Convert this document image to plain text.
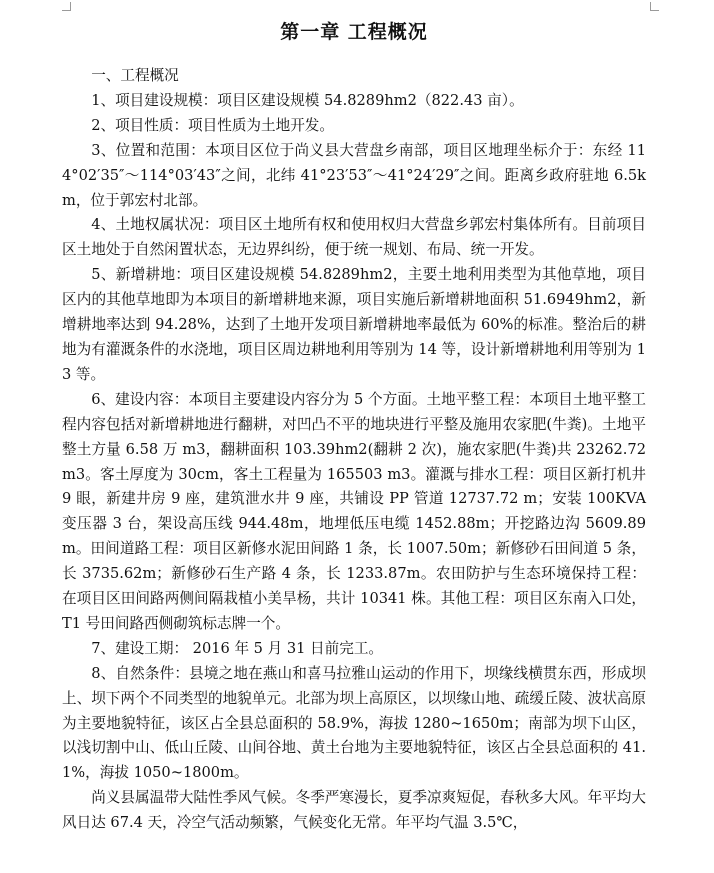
第一章 工程概况

一、工程概况

1、项目建设规模：项目区建设规模 54.8289hm2（822.43 亩）。

2、项目性质：项目性质为土地开发。

3、位置和范围：本项目区位于尚义县大营盘乡南部，项目区地理坐标介于：东经 114°02′35″～114°03′43″之间，北纬 41°23′53″～41°24′29″之间。距离乡政府驻地 6.5km，位于郭宏村北部。

4、土地权属状况：项目区土地所有权和使用权归大营盘乡郭宏村集体所有。目前项目区土地处于自然闲置状态，无边界纠纷，便于统一规划、布局、统一开发。

5、新增耕地：项目区建设规模 54.8289hm2，主要土地利用类型为其他草地，项目区内的其他草地即为本项目的新增耕地来源，项目实施后新增耕地面积 51.6949hm2，新增耕地率达到 94.28%，达到了土地开发项目新增耕地率最低为 60%的标准。整治后的耕地为有灌溉条件的水浇地，项目区周边耕地利用等别为 14 等，设计新增耕地利用等别为 13 等。

6、建设内容：本项目主要建设内容分为 5 个方面。土地平整工程：本项目土地平整工程内容包括对新增耕地进行翻耕，对凹凸不平的地块进行平整及施用农家肥(牛粪)。土地平整土方量 6.58 万 m3，翻耕面积 103.39hm2(翻耕 2 次)，施农家肥(牛粪)共 23262.72 m3。客土厚度为 30cm，客土工程量为 165503 m3。灌溉与排水工程：项目区新打机井 9 眼，新建井房 9 座，建筑泄水井 9 座，共铺设 PP 管道 12737.72 m；安装 100KVA 变压器 3 台，架设高压线 944.48m，地埋低压电缆 1452.88m；开挖路边沟 5609.89m。田间道路工程：项目区新修水泥田间路 1 条，长 1007.50m；新修砂石田间道 5 条，长 3735.62m；新修砂石生产路 4 条，长 1233.87m。农田防护与生态环境保持工程：在项目区田间路两侧间隔栽植小美旱杨，共计 10341 株。其他工程：项目区东南入口处，T1 号田间路西侧砌筑标志牌一个。

7、建设工期： 2016 年 5 月 31 日前完工。

8、自然条件：县境之地在燕山和喜马拉雅山运动的作用下，坝缘线横贯东西，形成坝上、坝下两个不同类型的地貌单元。北部为坝上高原区，以坝缘山地、疏缓丘陵、波状高原为主要地貌特征，该区占全县总面积的 58.9%，海拔 1280~1650m；南部为坝下山区，以浅切割中山、低山丘陵、山间谷地、黄土台地为主要地貌特征，该区占全县总面积的 41.1%，海拔 1050~1800m。

尚义县属温带大陆性季风气候。冬季严寒漫长，夏季凉爽短促，春秋多大风。年平均大风日达 67.4 天，冷空气活动频繁，气候变化无常。年平均气温 3.5℃，
